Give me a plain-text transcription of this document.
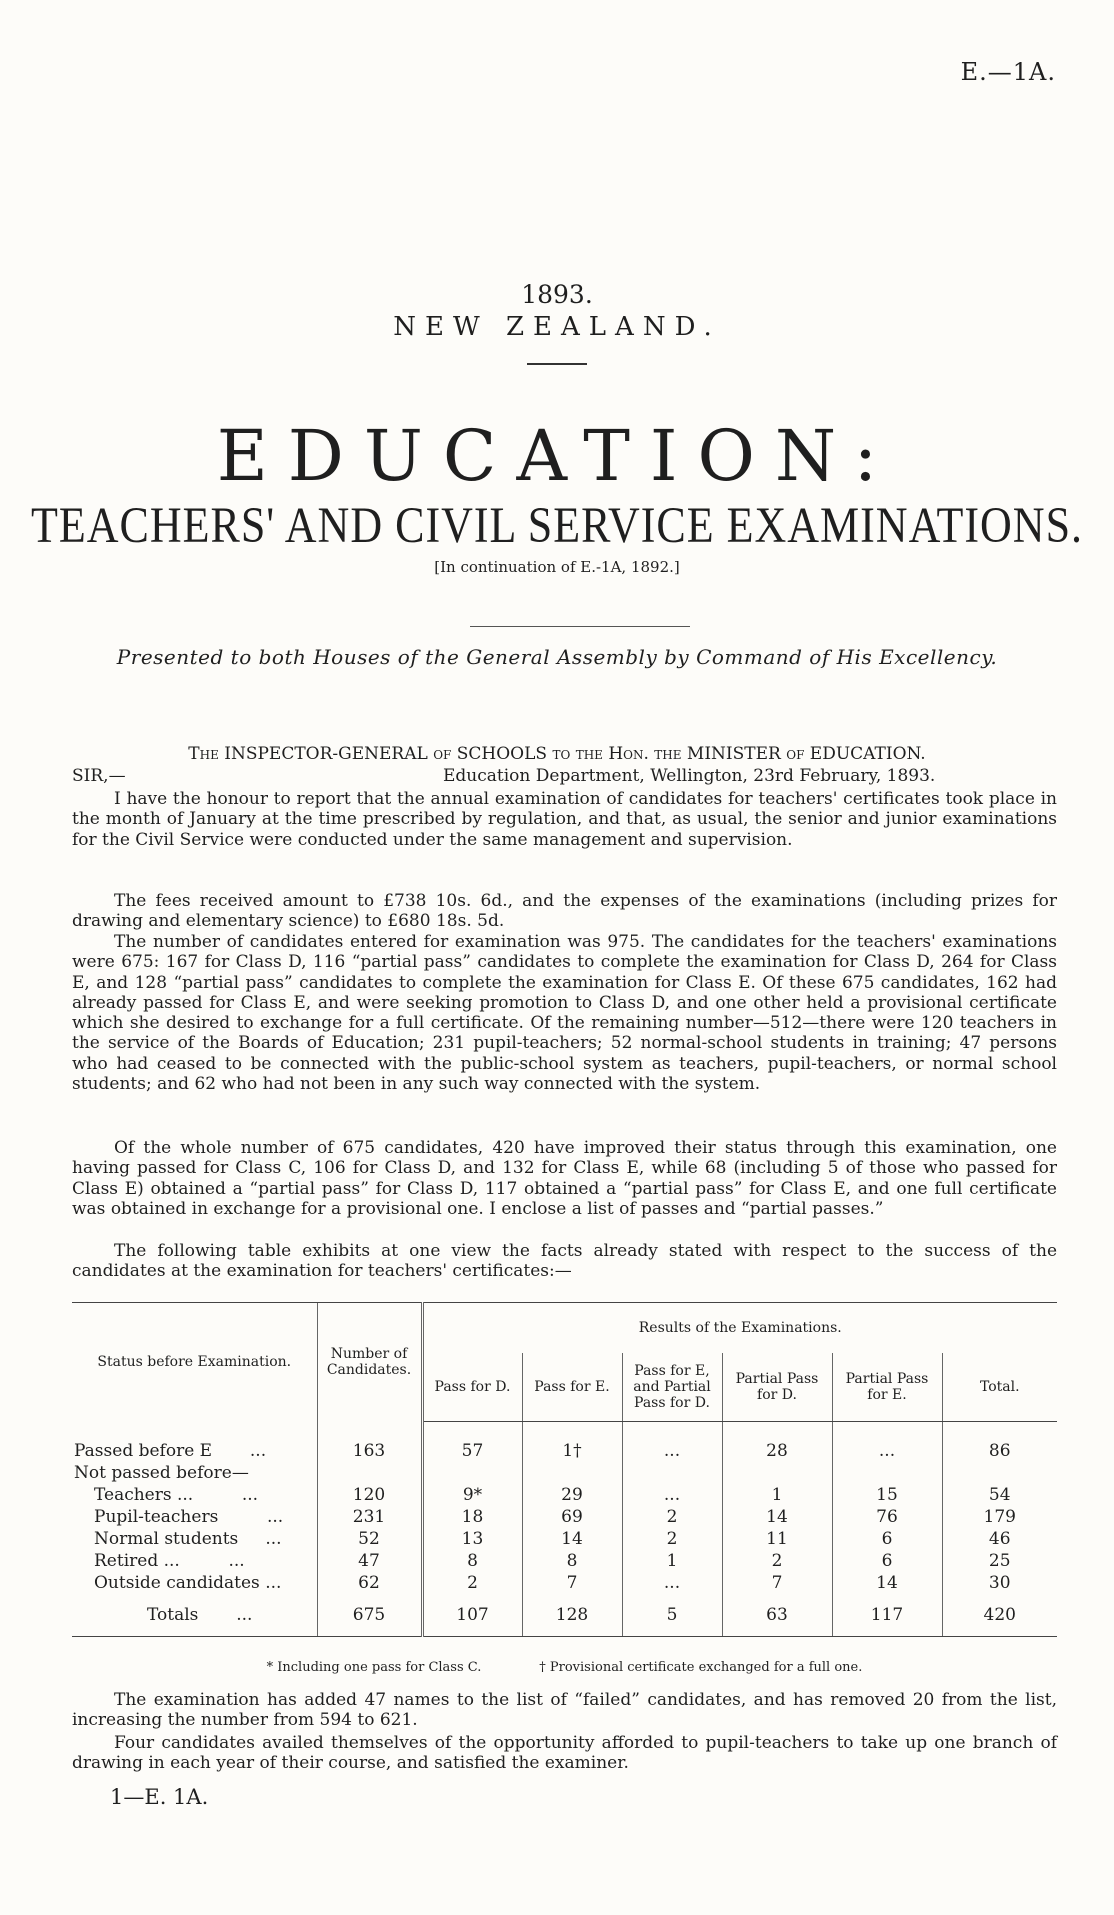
E.—1A.
1893.
NEW ZEALAND.
EDUCATION:
TEACHERS' AND CIVIL SERVICE EXAMINATIONS.
[In continuation of E.-1A, 1892.]
Presented to both Houses of the General Assembly by Command of His Excellency.
The INSPECTOR-GENERAL of SCHOOLS to the Hon. the MINISTER of EDUCATION.
SIR,—	Education Department, Wellington, 23rd February, 1893.
I have the honour to report that the annual examination of candidates for teachers' certificates took place in the month of January at the time prescribed by regulation, and that, as usual, the senior and junior examinations for the Civil Service were conducted under the same management and supervision.
The fees received amount to £738 10s. 6d., and the expenses of the examinations (including prizes for drawing and elementary science) to £680 18s. 5d.
The number of candidates entered for examination was 975. The candidates for the teachers' examinations were 675: 167 for Class D, 116 “partial pass” candidates to complete the examination for Class D, 264 for Class E, and 128 “partial pass” candidates to complete the examination for Class E. Of these 675 candidates, 162 had already passed for Class E, and were seeking promotion to Class D, and one other held a provisional certificate which she desired to exchange for a full certificate. Of the remaining number—512—there were 120 teachers in the service of the Boards of Education; 231 pupil-teachers; 52 normal-school students in training; 47 persons who had ceased to be connected with the public-school system as teachers, pupil-teachers, or normal school students; and 62 who had not been in any such way connected with the system.
Of the whole number of 675 candidates, 420 have improved their status through this examination, one having passed for Class C, 106 for Class D, and 132 for Class E, while 68 (including 5 of those who passed for Class E) obtained a “partial pass” for Class D, 117 obtained a “partial pass” for Class E, and one full certificate was obtained in exchange for a provisional one. I enclose a list of passes and “partial passes.”
The following table exhibits at one view the facts already stated with respect to the success of the candidates at the examination for teachers' certificates:—
Status before Examination.	Number of Candidates.	Results of the Examinations.					
		Pass for D.	Pass for E.	Pass for E, and Partial Pass for D.	Partial Pass for D.	Partial Pass for E.	Total.

Passed before E ...	163	57	1†	...	28	...	86
Not passed before—							
Teachers ... ...	120	9*	29	...	1	15	54
Pupil-teachers ...	231	18	69	2	14	76	179
Normal students ...	52	13	14	2	11	6	46
Retired ... ...	47	8	8	1	2	6	25
Outside candidates ...	62	2	7	...	7	14	30
Totals ...	675	107	128	5	63	117	420
* Including one pass for Class C.	† Provisional certificate exchanged for a full one.
The examination has added 47 names to the list of “failed” candidates, and has removed 20 from the list, increasing the number from 594 to 621.
Four candidates availed themselves of the opportunity afforded to pupil-teachers to take up one branch of drawing in each year of their course, and satisfied the examiner.
1—E. 1A.
